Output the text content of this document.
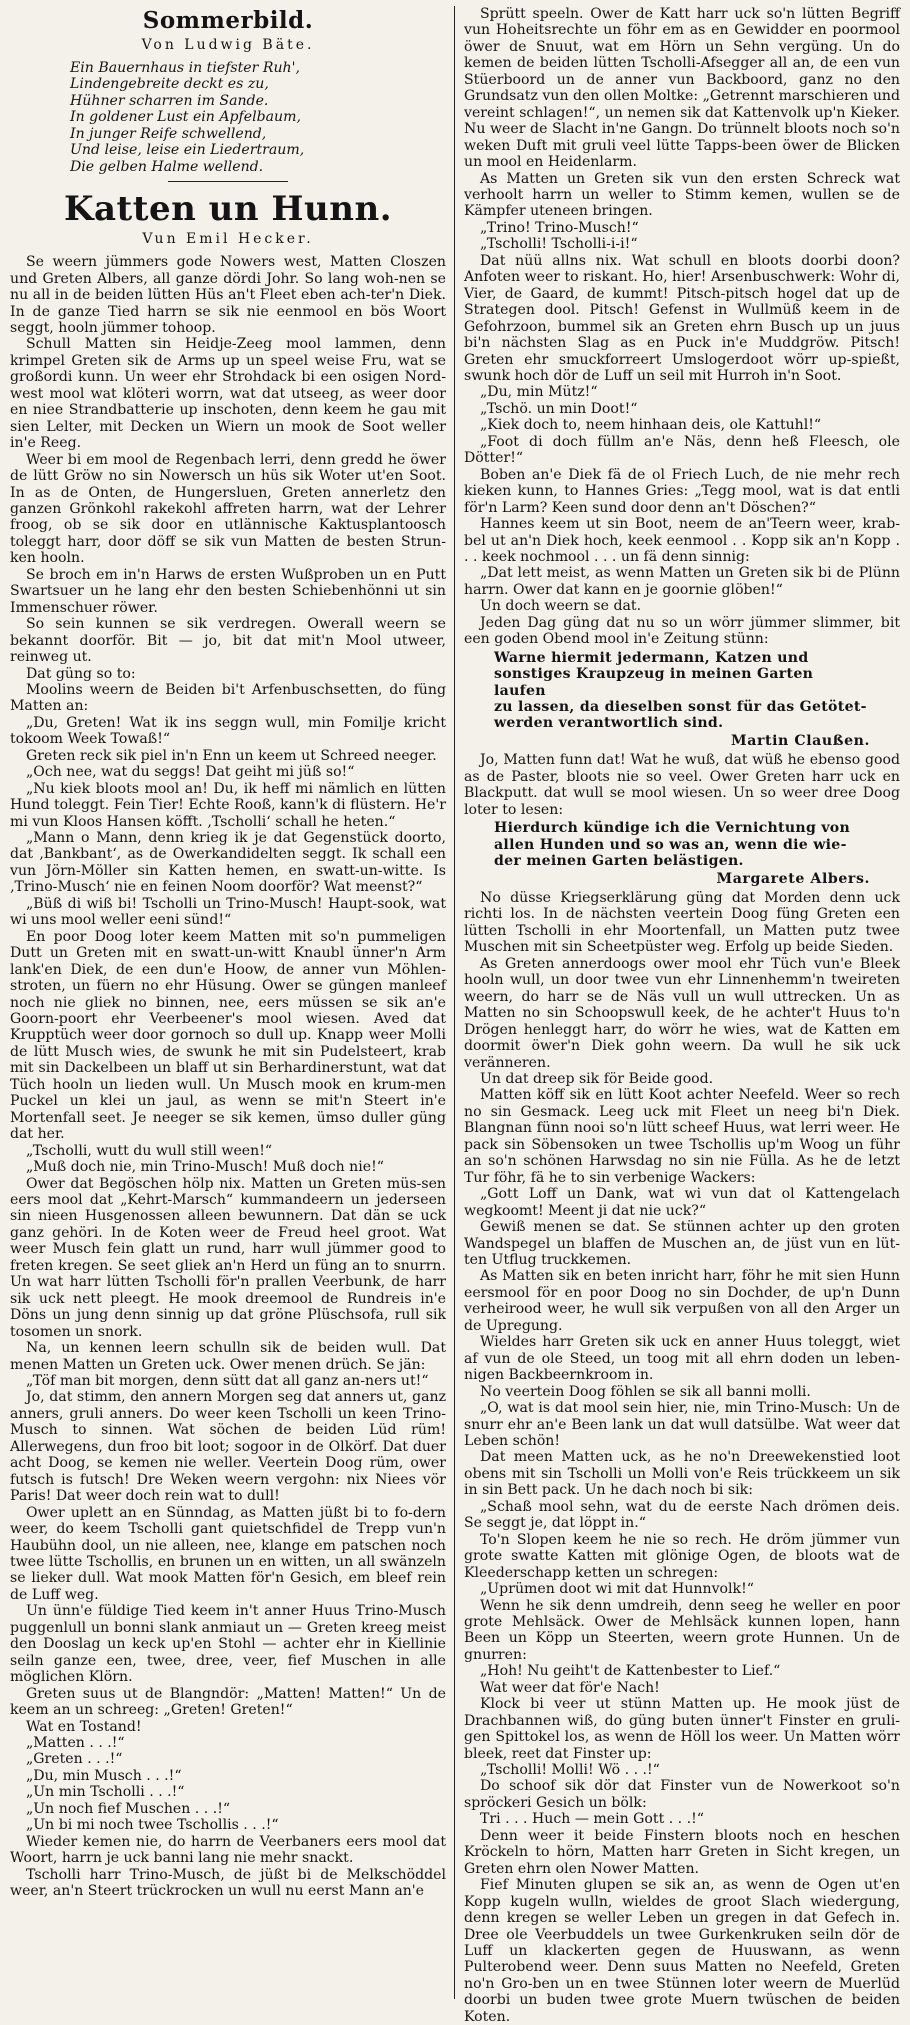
Sommerbild.
Von Ludwig Bäte.
Ein Bauernhaus in tiefster Ruh',
Lindengebreite deckt es zu,
Hühner scharren im Sande.
In goldener Lust ein Apfelbaum,
In junger Reife schwellend,
Und leise, leise ein Liedertraum,
Die gelben Halme wellend.
Katten un Hunn.
Vun Emil Hecker.

Se weern jümmers gode Nowers west, Matten Closzen und Greten Albers, all ganze dördi Johr. So lang woh-nen se nu all in de beiden lütten Hüs an't Fleet eben ach-ter'n Diek. In de ganze Tied harrn se sik nie eenmool en bös Woort seggt, hooln jümmer tohoop.

Schull Matten sin Heidje-Zeeg mool lammen, denn krimpel Greten sik de Arms up un speel weise Fru, wat se großordi kunn. Un weer ehr Strohdack bi een osigen Nord-west mool wat klöteri worrn, wat dat utseeg, as weer door en niee Strandbatterie up inschoten, denn keem he gau mit sien Lelter, mit Decken un Wiern un mook de Soot weller in'e Reeg.

Weer bi em mool de Regenbach lerri, denn gredd he öwer de lütt Gröw no sin Nowersch un hüs sik Woter ut'en Soot. In as de Onten, de Hungersluen, Greten annerletz den ganzen Grönkohl rakekohl affreten harrn, wat der Lehrer froog, ob se sik door en utlännische Kaktusplantoosch toleggt harr, door döff se sik vun Matten de besten Strun-ken hooln.

Se broch em in'n Harws de ersten Wußproben un en Putt Swartsuer un he lang ehr den besten Schiebenhönni ut sin Immenschuer röwer.

So sein kunnen se sik verdregen. Owerall weern se bekannt doorför. Bit — jo, bit dat mit'n Mool utweer, reinweg ut.

Dat güng so to:

Moolins weern de Beiden bi't Arfenbuschsetten, do füng Matten an:

„Du, Greten! Wat ik ins seggn wull, min Fomilje kricht tokoom Week Towaß!“

Greten reck sik piel in'n Enn un keem ut Schreed neeger.

„Och nee, wat du seggs! Dat geiht mi jüß so!“

„Nu kiek bloots mool an! Du, ik heff mi nämlich en lütten Hund toleggt. Fein Tier! Echte Rooß, kann'k di flüstern. He'r mi vun Kloos Hansen köfft. ‚Tscholli‘ schall he heten.“

„Mann o Mann, denn krieg ik je dat Gegenstück doorto, dat ‚Bankbant‘, as de Owerkandidelten seggt. Ik schall een vun Jörn-Möller sin Katten hemen, en swatt-un-witte. Is ‚Trino-Musch‘ nie en feinen Noom doorför? Wat meenst?“

„Büß di wiß bi! Tscholli un Trino-Musch! Haupt-sook, wat wi uns mool weller eeni sünd!“

En poor Doog loter keem Matten mit so'n pummeligen Dutt un Greten mit en swatt-un-witt Knaubl ünner'n Arm lank'en Diek, de een dun'e Hoow, de anner vun Möhlen-stroten, un füern no ehr Hüsung. Ower se güngen manleef noch nie gliek no binnen, nee, eers müssen se sik an'e Goorn-poort ehr Veerbeener's mool wiesen. Aved dat Krupptüch weer door gornoch so dull up. Knapp weer Molli de lütt Musch wies, de swunk he mit sin Pudelsteert, krab mit sin Dackelbeen un blaff ut sin Berhardinerstunt, wat dat Tüch hooln un lieden wull. Un Musch mook en krum-men Puckel un klei un jaul, as wenn se mit'n Steert in'e Mortenfall seet. Je neeger se sik kemen, ümso duller güng dat her.

„Tscholli, wutt du wull still ween!“

„Muß doch nie, min Trino-Musch! Muß doch nie!“

Ower dat Begöschen hölp nix. Matten un Greten müs-sen eers mool dat „Kehrt-Marsch“ kummandeern un jederseen sin nieen Husgenossen alleen bewunnern. Dat dän se uck ganz gehöri. In de Koten weer de Freud heel groot. Wat weer Musch fein glatt un rund, harr wull jümmer good to freten kregen. Se seet gliek an'n Herd un füng an to snurrn. Un wat harr lütten Tscholli för'n prallen Veerbunk, de harr sik uck nett pleegt. He mook dreemool de Rundreis in'e Döns un jung denn sinnig up dat gröne Plüschsofa, rull sik tosomen un snork.

Na, un kennen leern schulln sik de beiden wull. Dat menen Matten un Greten uck. Ower menen drüch. Se jän:

„Töf man bit morgen, denn sütt dat all ganz an-ners ut!“

Jo, dat stimm, den annern Morgen seg dat anners ut, ganz anners, gruli anners. Do weer keen Tscholli un keen Trino-Musch to sinnen. Wat söchen de beiden Lüd rüm! Allerwegens, dun froo bit loot; sogoor in de Olkörf. Dat duer acht Doog, se kemen nie weller. Veertein Doog rüm, ower futsch is futsch! Dre Weken weern vergohn: nix Niees vör Paris! Dat weer doch rein wat to dull!

Ower uplett an en Sünndag, as Matten jüßt bi to fo-dern weer, do keem Tscholli gant quietschfidel de Trepp vun'n Haubühn dool, un nie alleen, nee, klange em patschen noch twee lütte Tschollis, en brunen un en witten, un all swänzeln se lieker dull. Wat mook Matten för'n Gesich, em bleef rein de Luff weg.

Un ünn'e füldige Tied keem in't anner Huus Trino-Musch puggenlull un bonni slank anmiaut un — Greten kreeg meist den Dooslag un keck up'en Stohl — achter ehr in Kiellinie seiln ganze een, twee, dree, veer, fief Muschen in alle möglichen Klörn.

Greten suus ut de Blangndör: „Matten! Matten!“ Un de keem an un schreeg: „Greten! Greten!“

Wat en Tostand!

„Matten . . .!“

„Greten . . .!“

„Du, min Musch . . .!“

„Un min Tscholli . . .!“

„Un noch fief Muschen . . .!“

„Un bi mi noch twee Tschollis . . .!“

Wieder kemen nie, do harrn de Veerbaners eers mool dat Woort, harrn je uck banni lang nie mehr snackt.

Tscholli harr Trino-Musch, de jüßt bi de Melkschöddel weer, an'n Steert trückrocken un wull nu eerst Mann an'e

Sprütt speeln. Ower de Katt harr uck so'n lütten Begriff vun Hoheitsrechte un föhr em as en Gewidder en poormool öwer de Snuut, wat em Hörn un Sehn vergüng. Un do kemen de beiden lütten Tscholli-Afsegger all an, de een vun Stüerboord un de anner vun Backboord, ganz no den Grundsatz vun den ollen Moltke: „Getrennt marschieren und vereint schlagen!“, un nemen sik dat Kattenvolk up'n Kieker. Nu weer de Slacht in'ne Gangn. Do trünnelt bloots noch so'n weken Duft mit gruli veel lütte Tapps-been öwer de Blicken un mool en Heidenlarm.

As Matten un Greten sik vun den ersten Schreck wat verhoolt harrn un weller to Stimm kemen, wullen se de Kämpfer uteneen bringen.

„Trino! Trino-Musch!“

„Tscholli! Tscholli-i-i!“

Dat nüü allns nix. Wat schull en bloots doorbi doon? Anfoten weer to riskant. Ho, hier! Arsenbuschwerk: Wohr di, Vier, de Gaard, de kummt! Pitsch-pitsch hogel dat up de Strategen dool. Pitsch! Gefenst in Wullmüß keem in de Gefohrzoon, bummel sik an Greten ehrn Busch up un juus bi'n nächsten Slag as en Puck in'e Muddgröw. Pitsch! Greten ehr smuckforreert Umslogerdoot wörr up-spießt, swunk hoch dör de Luff un seil mit Hurroh in'n Soot.

„Du, min Mütz!“

„Tschö. un min Doot!“

„Kiek doch to, neem hinhaan deis, ole Kattuhl!“

„Foot di doch füllm an'e Näs, denn heß Fleesch, ole Dötter!“

Boben an'e Diek fä de ol Friech Luch, de nie mehr rech kieken kunn, to Hannes Gries: „Tegg mool, wat is dat entli för'n Larm? Keen sund door denn an't Döschen?“

Hannes keem ut sin Boot, neem de an'Teern weer, krab-bel ut an'n Diek hoch, keek eenmool . . Kopp sik an'n Kopp . . . keek nochmool . . . un fä denn sinnig:

„Dat lett meist, as wenn Matten un Greten sik bi de Plünn harrn. Ower dat kann en je goornie glöben!“

Un doch weern se dat.

Jeden Dag güng dat nu so un wörr jümmer slimmer, bit een goden Obend mool in'e Zeitung stünn:

Warne hiermit jedermann, Katzen und
sonstiges Kraupzeug in meinen Garten laufen
zu lassen, da dieselben sonst für das Getötet-
werden verantwortlich sind.
Martin Claußen.

Jo, Matten funn dat! Wat he wuß, dat wüß he ebenso good as de Paster, bloots nie so veel. Ower Greten harr uck en Blackputt. dat wull se mool wiesen. Un so weer dree Doog loter to lesen:

Hierdurch kündige ich die Vernichtung von
allen Hunden und so was an, wenn die wie-
der meinen Garten belästigen.
Margarete Albers.

No düsse Kriegserklärung güng dat Morden denn uck richti los. In de nächsten veertein Doog füng Greten een lütten Tscholli in ehr Moortenfall, un Matten putz twee Muschen mit sin Scheetpüster weg. Erfolg up beide Sieden.

As Greten annerdoogs ower mool ehr Tüch vun'e Bleek hooln wull, un door twee vun ehr Linnenhemm'n tweireten weern, do harr se de Näs vull un wull uttrecken. Un as Matten no sin Schoopswull keek, de he achter't Huus to'n Drögen henleggt harr, do wörr he wies, wat de Katten em doormit öwer'n Diek gohn weern. Da wull he sik uck veränneren.

Un dat dreep sik för Beide good.

Matten köff sik en lütt Koot achter Neefeld. Weer so rech no sin Gesmack. Leeg uck mit Fleet un neeg bi'n Diek. Blangnan fünn nooi so'n lütt scheef Huus, wat lerri weer. He pack sin Söbensoken un twee Tschollis up'm Woog un führ an so'n schönen Harwsdag no sin nie Fülla. As he de letzt Tur föhr, fä he to sin verbenige Wackers:

„Gott Loff un Dank, wat wi vun dat ol Kattengelach wegkoomt! Meent ji dat nie uck?“

Gewiß menen se dat. Se stünnen achter up den groten Wandspegel un blaffen de Muschen an, de jüst vun en lüt-ten Utflug truckkemen.

As Matten sik en beten inricht harr, föhr he mit sien Hunn eersmool för en poor Doog no sin Dochder, de up'n Dunn verheirood weer, he wull sik verpußen von all den Arger un de Upregung.

Wieldes harr Greten sik uck en anner Huus toleggt, wiet af vun de ole Steed, un toog mit all ehrn doden un leben-nigen Backbeernkroom in.

No veertein Doog föhlen se sik all banni molli.

„O, wat is dat mool sein hier, nie, min Trino-Musch: Un de snurr ehr an'e Been lank un dat wull datsülbe. Wat weer dat Leben schön!

Dat meen Matten uck, as he no'n Dreewekenstied loot obens mit sin Tscholli un Molli von'e Reis trückkeem un sik in sin Bett pack. Un he dach noch bi sik:

„Schaß mool sehn, wat du de eerste Nach drömen deis. Se seggt je, dat löppt in.“

To'n Slopen keem he nie so rech. He dröm jümmer vun grote swatte Katten mit glönige Ogen, de bloots wat de Kleederschapp ketten un schregen:

„Uprümen doot wi mit dat Hunnvolk!“

Wenn he sik denn umdreih, denn seeg he weller en poor grote Mehlsäck. Ower de Mehlsäck kunnen lopen, hann Been un Köpp un Steerten, weern grote Hunnen. Un de gnurren:

„Hoh! Nu geiht't de Kattenbester to Lief.“

Wat weer dat för'e Nach!

Klock bi veer ut stünn Matten up. He mook jüst de Drachbannen wiß, do güng buten ünner't Finster en gruli-gen Spittokel los, as wenn de Höll los weer. Un Matten wörr bleek, reet dat Finster up:

„Tscholli! Molli! Wö . . .!“

Do schoof sik dör dat Finster vun de Nowerkoot so'n spröckeri Gesich un bölk:

Tri . . . Huch — mein Gott . . .!“

Denn weer it beide Finstern bloots noch en heschen Kröckeln to hörn, Matten harr Greten in Sicht kregen, un Greten ehrn olen Nower Matten.

Fief Minuten glupen se sik an, as wenn de Ogen ut'en Kopp kugeln wulln, wieldes de groot Slach wiedergung, denn kregen se weller Leben un gregen in dat Gefech in. Dree ole Veerbuddels un twee Gurkenkruken seiln dör de Luff un klackerten gegen de Huuswann, as wenn Pulterobend weer. Denn suus Matten no Neefeld, Greten no'n Gro-ben un en twee Stünnen loter weern de Muerlüd doorbi un buden twee grote Muern twüschen de beiden Koten.
